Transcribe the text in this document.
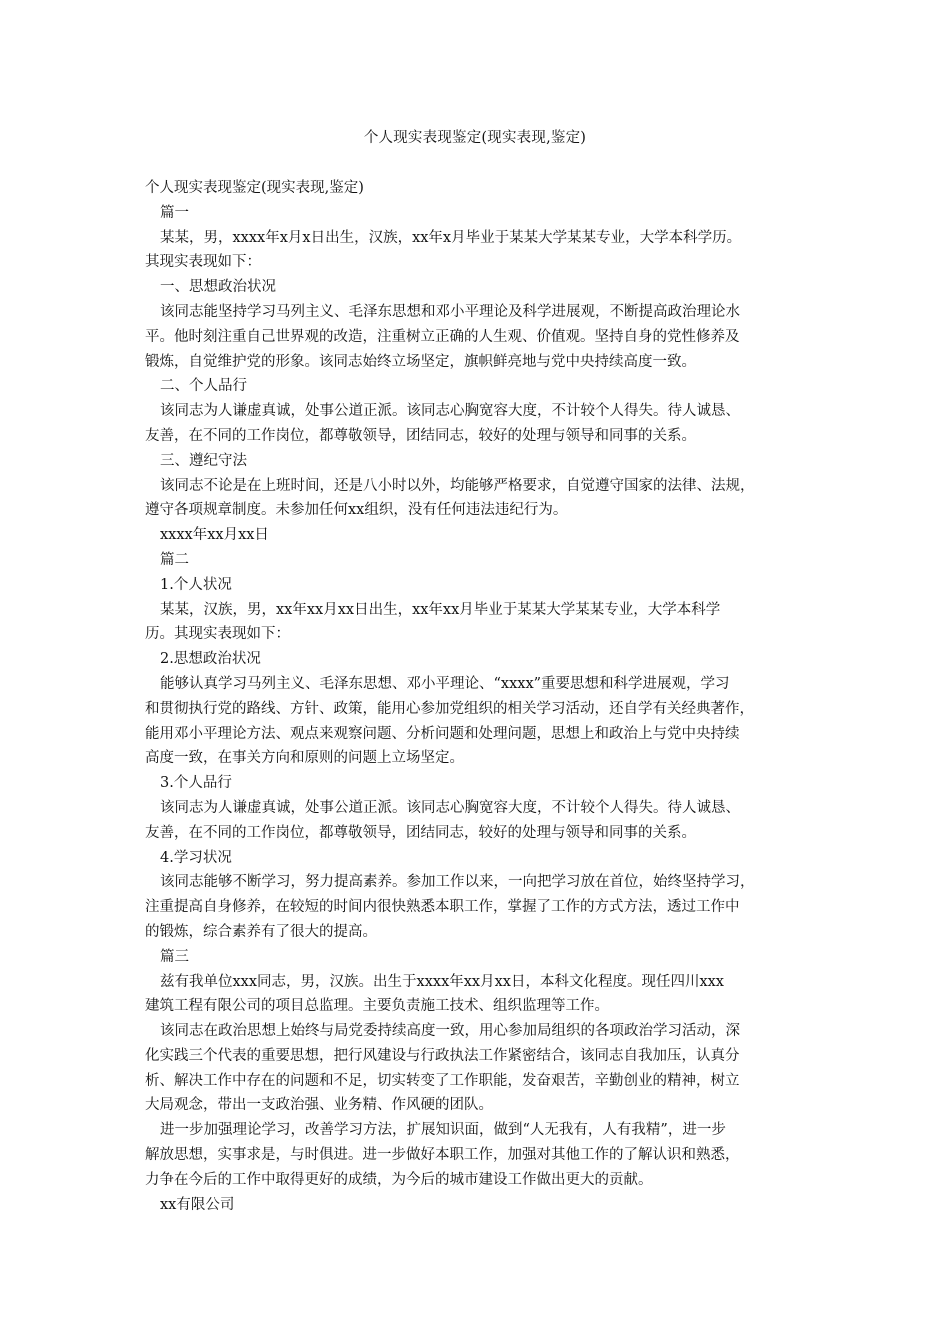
个人现实表现鉴定(现实表现,鉴定)

个人现实表现鉴定(现实表现,鉴定)

篇一

某某，男，xxxx年x月x日出生，汉族，xx年x月毕业于某某大学某某专业，大学本科学历。
其现实表现如下：

一、思想政治状况

该同志能坚持学习马列主义、毛泽东思想和邓小平理论及科学进展观，不断提高政治理论水
平。他时刻注重自己世界观的改造，注重树立正确的人生观、价值观。坚持自身的党性修养及
锻炼，自觉维护党的形象。该同志始终立场坚定，旗帜鲜亮地与党中央持续高度一致。

二、个人品行

该同志为人谦虚真诚，处事公道正派。该同志心胸宽容大度，不计较个人得失。待人诚恳、
友善，在不同的工作岗位，都尊敬领导，团结同志，较好的处理与领导和同事的关系。

三、遵纪守法

该同志不论是在上班时间，还是八小时以外，均能够严格要求，自觉遵守国家的法律、法规，
遵守各项规章制度。未参加任何xx组织，没有任何违法违纪行为。

xxxx年xx月xx日

篇二

1.个人状况

某某，汉族，男，xx年xx月xx日出生，xx年xx月毕业于某某大学某某专业，大学本科学
历。其现实表现如下：

2.思想政治状况

能够认真学习马列主义、毛泽东思想、邓小平理论、“xxxx”重要思想和科学进展观，学习
和贯彻执行党的路线、方针、政策，能用心参加党组织的相关学习活动，还自学有关经典著作，
能用邓小平理论方法、观点来观察问题、分析问题和处理问题，思想上和政治上与党中央持续
高度一致，在事关方向和原则的问题上立场坚定。

3.个人品行

该同志为人谦虚真诚，处事公道正派。该同志心胸宽容大度，不计较个人得失。待人诚恳、
友善，在不同的工作岗位，都尊敬领导，团结同志，较好的处理与领导和同事的关系。

4.学习状况

该同志能够不断学习，努力提高素养。参加工作以来，一向把学习放在首位，始终坚持学习，
注重提高自身修养，在较短的时间内很快熟悉本职工作，掌握了工作的方式方法，透过工作中
的锻炼，综合素养有了很大的提高。

篇三

兹有我单位xxx同志，男，汉族。出生于xxxx年xx月xx日，本科文化程度。现任四川xxx
建筑工程有限公司的项目总监理。主要负责施工技术、组织监理等工作。

该同志在政治思想上始终与局党委持续高度一致，用心参加局组织的各项政治学习活动，深
化实践三个代表的重要思想，把行风建设与行政执法工作紧密结合，该同志自我加压，认真分
析、解决工作中存在的问题和不足，切实转变了工作职能，发奋艰苦，辛勤创业的精神，树立
大局观念，带出一支政治强、业务精、作风硬的团队。

进一步加强理论学习，改善学习方法，扩展知识面，做到“人无我有，人有我精”，进一步
解放思想，实事求是，与时俱进。进一步做好本职工作，加强对其他工作的了解认识和熟悉，
力争在今后的工作中取得更好的成绩，为今后的城市建设工作做出更大的贡献。

xx有限公司
